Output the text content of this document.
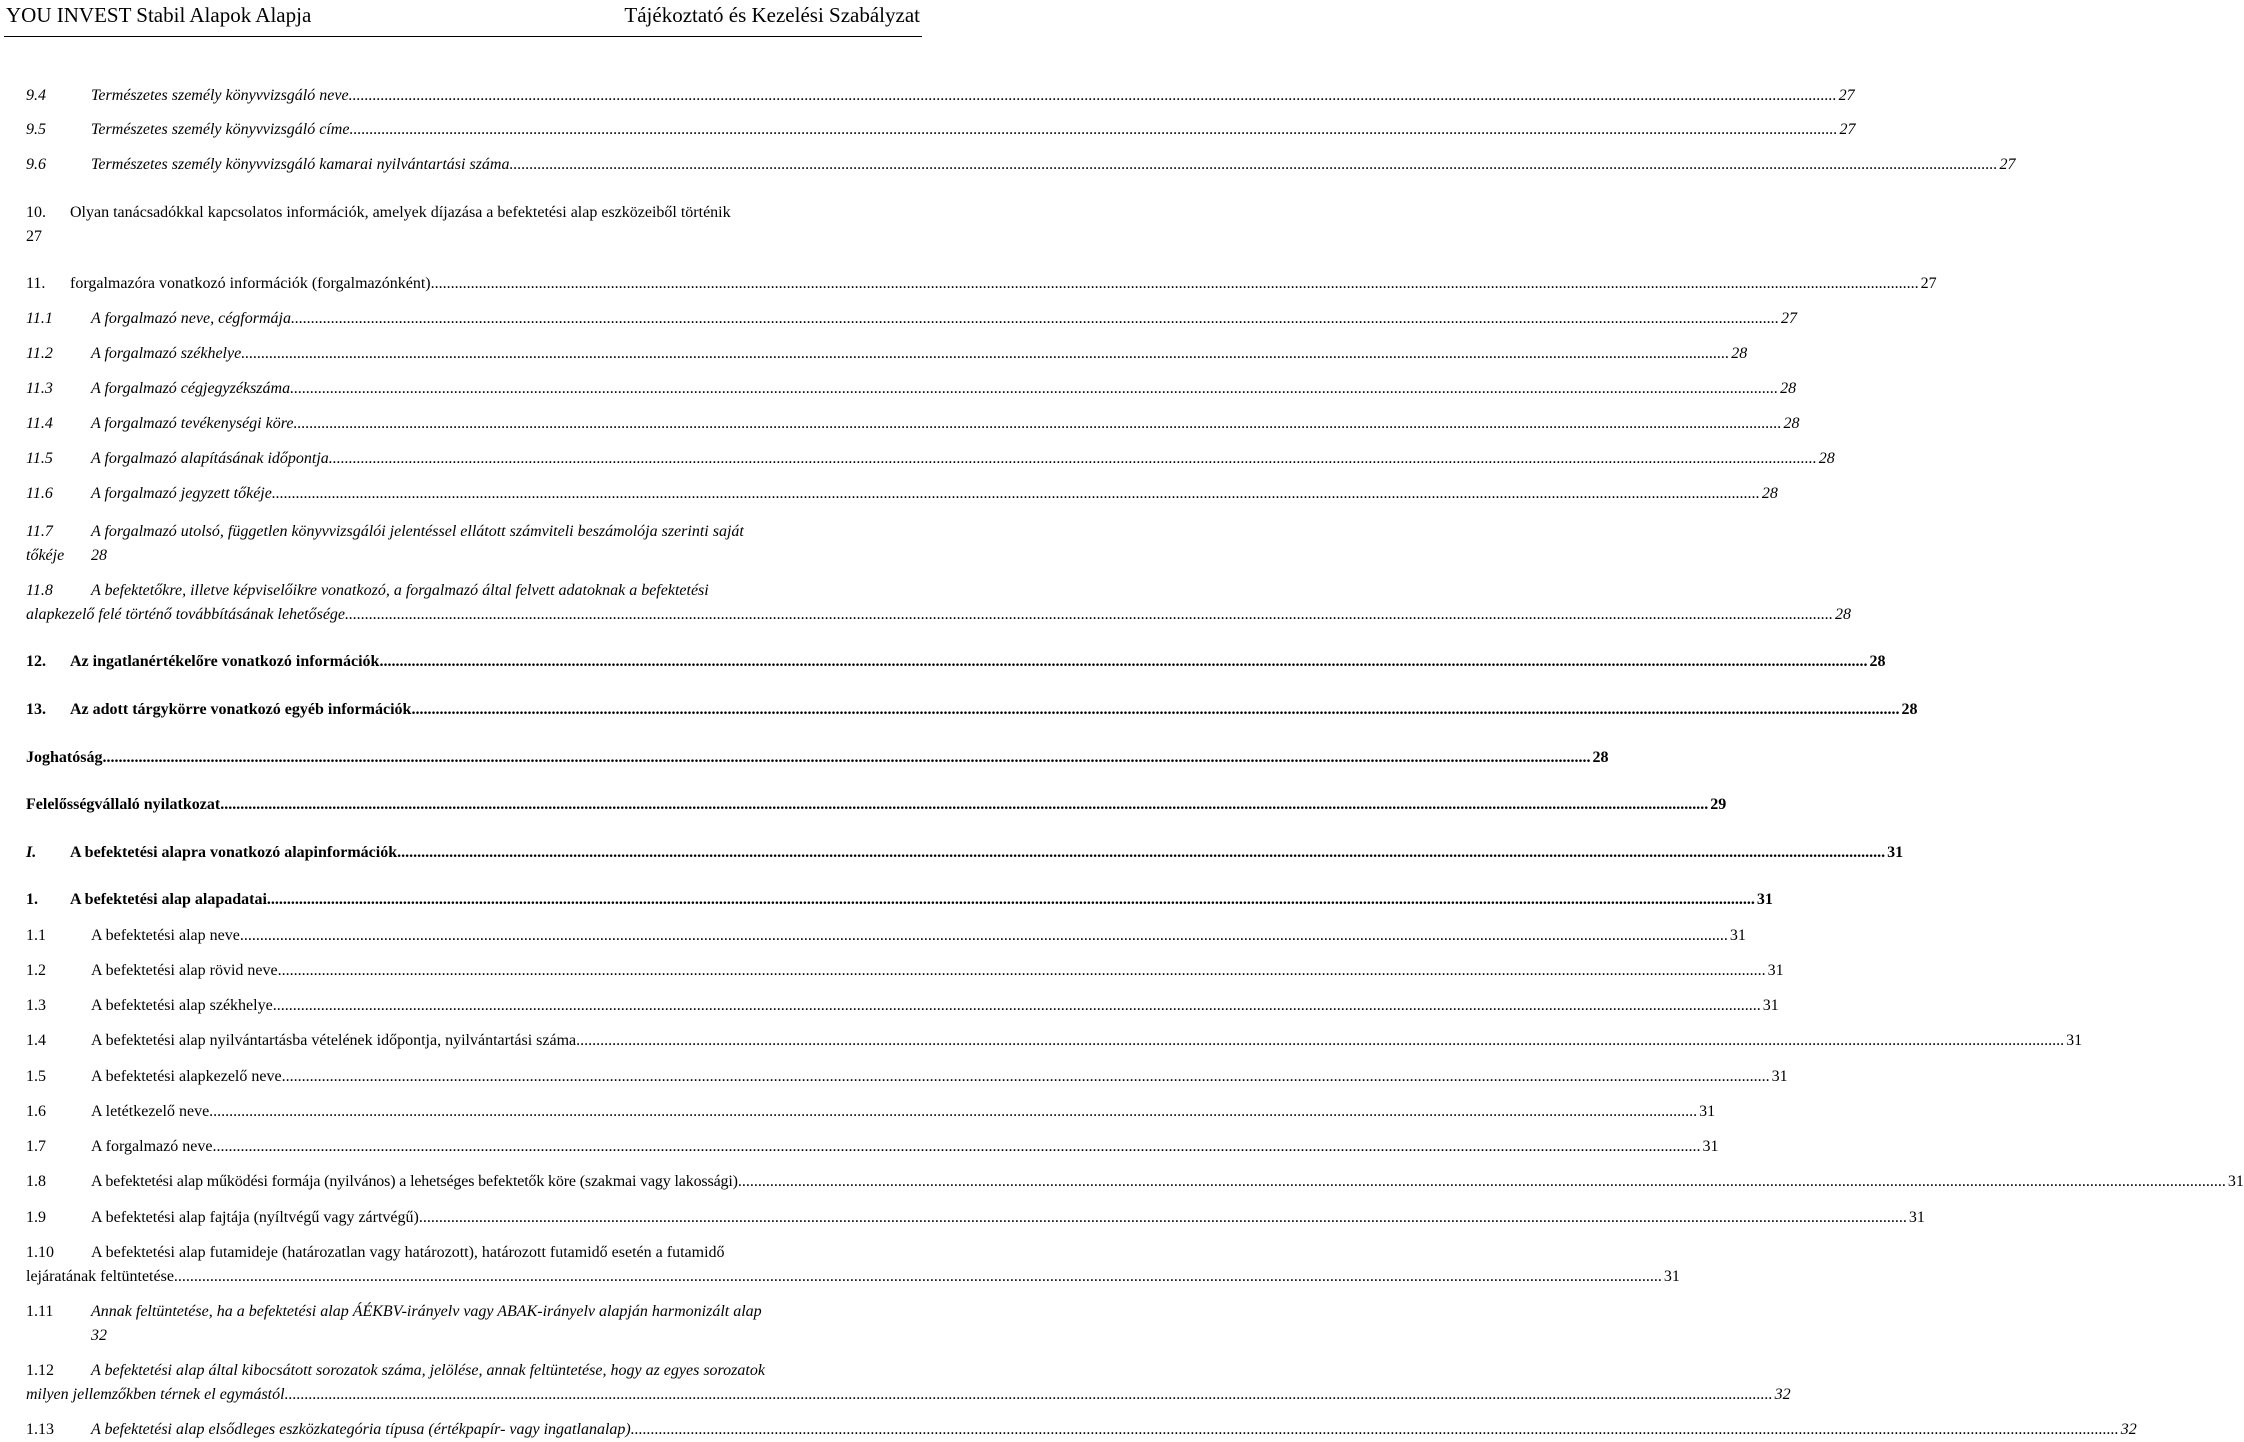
YOU INVEST Stabil Alapok Alapja	Tájékoztató és Kezelési Szabályzat
9.4	Természetes személy könyvvizsgáló neve .....	27
9.5	Természetes személy könyvvizsgáló címe .....	27
9.6	Természetes személy könyvvizsgáló kamarai nyilvántartási száma .....	27
10.	Olyan tanácsadókkal kapcsolatos információk, amelyek díjazása a befektetési alap eszközeiből történik
27
11.	forgalmazóra vonatkozó információk (forgalmazónként) .....	27
11.1	A forgalmazó neve, cégformája .....	27
11.2	A forgalmazó székhelye .....	28
11.3	A forgalmazó cégjegyzékszáma .....	28
11.4	A forgalmazó tevékenységi köre .....	28
11.5	A forgalmazó alapításának időpontja .....	28
11.6	A forgalmazó jegyzett tőkéje .....	28
11.7	A forgalmazó utolsó, független könyvvizsgálói jelentéssel ellátott számviteli beszámolója szerinti saját
tőkéje	28
11.8	A befektetőkre, illetve képviselőikre vonatkozó, a forgalmazó által felvett adatoknak a befektetési
alapkezelő felé történő továbbításának lehetősége .....	28
12.	Az ingatlanértékelőre vonatkozó információk .....	28
13.	Az adott tárgykörre vonatkozó egyéb információk .....	28
Joghatóság .....	28
Felelősségvállaló nyilatkozat .....	29
I.	A befektetési alapra vonatkozó alapinformációk .....	31
1.	A befektetési alap alapadatai .....	31
1.1	A befektetési alap neve .....	31
1.2	A befektetési alap rövid neve .....	31
1.3	A befektetési alap székhelye .....	31
1.4	A befektetési alap nyilvántartásba vételének időpontja, nyilvántartási száma .....	31
1.5	A befektetési alapkezelő neve .....	31
1.6	A letétkezelő neve .....	31
1.7	A forgalmazó neve .....	31
1.8	A befektetési alap működési formája (nyilvános) a lehetséges befektetők köre (szakmai vagy lakossági) .....	31
1.9	A befektetési alap fajtája (nyíltvégű vagy zártvégű) .....	31
1.10	A befektetési alap futamideje (határozatlan vagy határozott), határozott futamidő esetén a futamidő
lejáratának feltüntetése .....	31
1.11	Annak feltüntetése, ha a befektetési alap ÁÉKBV-irányelv vagy ABAK-irányelv alapján harmonizált alap
32
1.12	A befektetési alap által kibocsátott sorozatok száma, jelölése, annak feltüntetése, hogy az egyes sorozatok
milyen jellemzőkben térnek el egymástól .....	32
1.13	A befektetési alap elsődleges eszközkategória típusa (értékpapír- vagy ingatlanalap) .....	32
